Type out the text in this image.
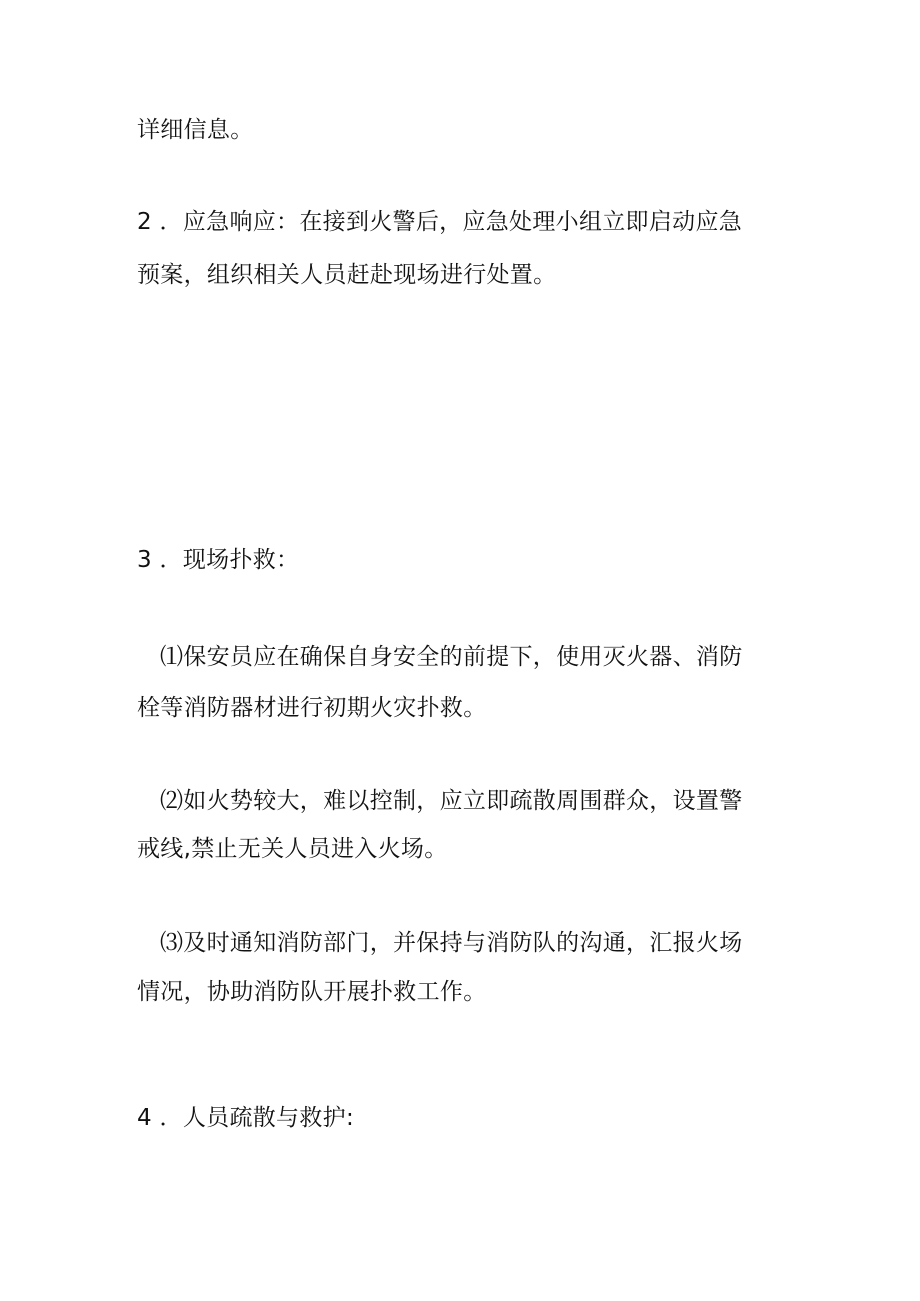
详细信息。
2 ．应急响应：在接到火警后，应急处理小组立即启动应急
预案，组织相关人员赶赴现场进行处置。
3 ．现场扑救：
⑴保安员应在确保自身安全的前提下，使用灭火器、消防
栓等消防器材进行初期火灾扑救。
⑵如火势较大，难以控制，应立即疏散周围群众，设置警
戒线,禁止无关人员进入火场。
⑶及时通知消防部门，并保持与消防队的沟通，汇报火场
情况，协助消防队开展扑救工作。
4 ．人员疏散与救护:
